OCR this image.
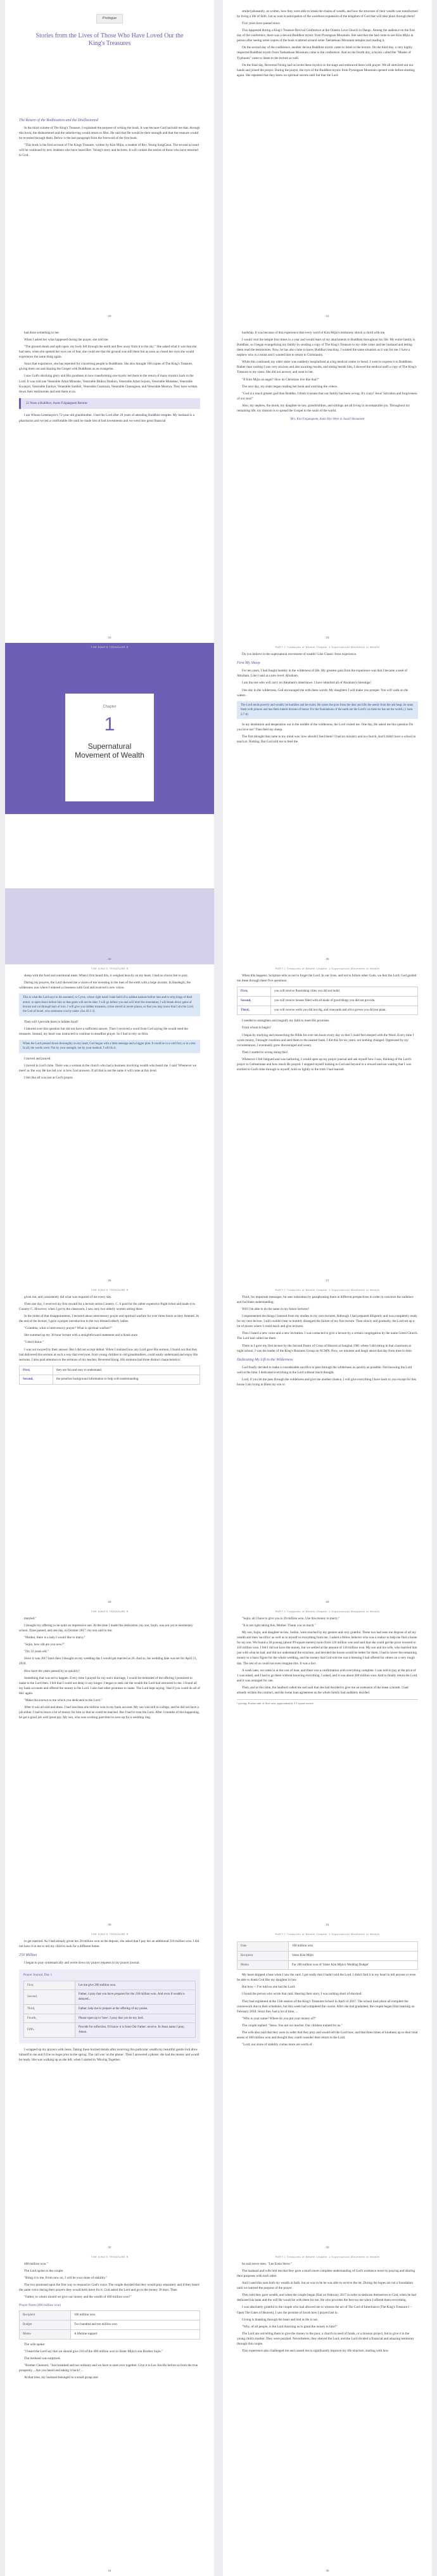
Prologue
Stories from the Lives of Those Who Have Loved Our the King's Treasures
The Return of the Bodhisattva and the Disillusioned

In the third volume of The King's Treasure, I explained the purpose of writing the book. It was because God had told me that, through this book, the disheartened and the unbelieving would return to Him. He said that He would be their strength and that the treasure would be revealed through them. Below is the last paragraph from the foreword of the first book.

"This book is the first account of The Kings Treasure, written by Kim Mijin, a student of Rev. Yeong SungGeun. The second account will be continued by new students who have heard Rev. Yeong's story and lectures. It will contain the stories of those who have returned to God.

20

smiled pleasantly, as written, how they were able to break the chains of wealth, and how the structure of their wealth was transformed by living a life of faith. Let us wait in anticipation of the wondrous expansion of the kingdom of God that will take place through them!

Five years have passed since.

This happened during a King's Treasure Revival Conference at the Ontario Love Church in Daegu. Among the audience on the first day of the conference, there was a devout Buddhist mystic from Pyeongsan Mountain. She said that she had come to see Kim Mijin in person after seeing some copies of the book scattered around some Taebaeksan Mountain temples and reading it.

On the second day of the conference, another devout Buddhist mystic came to listen to the lecture. On the third day, a very highly respected Buddhist mystic from Taebaeksan Mountain came to the conference. And on the fourth day, a mystic called the "Master of Typhoons" came to listen to the lecture as well.

On the final day, Reverend Yeong had us invite these mystics to the stage and embraced them with prayer. We all stretched out our hands and joined the prayer. During the prayer, the eyes of the Buddhist mystic from Pyeongsan Mountain opened wide before shutting again. She repented that they knew no spiritual secrets until but that the Lord

21

had done something to her.

When I asked her what happened during the prayer, she told me:

"The ground shook and split open; my body fell through the earth and flew away from it to the sky." She asked what it was that she had seen, when she opened her eyes out of fear, she could see that the ground was still there but as soon as closed her eyes she would experience the same thing again.

Since that experience, she has repented for converting people to Buddhism. She also brought 100 copies of The King's Treasure, giving them out and sharing the Gospel with Buddhists as an evangelist.

I saw God's shocking glory and His goodness in how transforming one mystic led them to the return of many mystics back to the Lord. It was told one Venerable Arhat Minsoko, Venerable Bhiksu Danhon, Venerable Arhat Sojoon, Venerable Muhahae, Venerable Kwanjol, Venerable Eunhye, Venerable Sambol, Venerable Gsutnoan, Venerable Cheongeon, and Venerable Mostwa. They have written down their testimonies and sent them to us.

22 Years a Buddhist, Aunts Folgangnam Returns

I am Whoon Leeemayee's 72-year-old grandmother. I met the Lord after 26 years of attending Buddhist temples. My husband is a pharmacist and we led a comfortable life until he made lots of bad investments and we went into great financial

22

hardship. It was because of this experience that every word of Kim Mijin's testimony struck a chord with me.

I would visit the temple four times in a year and would learn of my attachments to Buddhist throughout my life. My entire family is Buddhist, so I began evangelizing my family by sending a copy of The King's Treasure to my older sister and her husband and letting them read the testimonies. Now, he has also come to know Buddha's teaching. I wanted the same situation as it was for me. I have a nephew who is a monk and I wanted him to return to Christianity.

While this continued, my older sister was suddenly hospitalized at a big medical center in Seoul. I went to express it to Buddhists. Rather than waiting I was very anxious and also awaiting results, and sitting beside him, I showed the medical staff a copy of The King's Treasure to my sister. She did not answer, and went to her.

"If Kim Mijin an angel? How do Christians live like that?"

The next day, my sister began reading her book and watching the videos.

"God is a much greater god than Buddha. I think it means that our family has been wrong. It's crazy! Jesus' Salvation and forgiveness of our sins!"

Also, my nephew, the monk, my daughter-in-law, grandchildren, and siblings are all living in incomparable joy. Throughout my remaining life, my mission is to spread the Gospel to the souls of the world.

Mrs. Kim Folgangnam, Aunts Hyo Meet to Jassill Monument
23
THE KING'S TREASURE Ⅱ
Chapter
1
Supernatural Movement of Wealth
24
PART 1 Treasures of Wealth Chapter 1 Supernatural Movement of Wealth

Do you believe in the supernatural movement of wealth? Like Classic from experience.

First My Sheep

For ten years, I had fought humbly in the wilderness of life. My greatest gain from the experience was that I became a seed of Abraham. Like I said at a new level: Abraham.

I am the one who will carry on Abraham's inheritance. I have inherited all of Abraham's blessings!

One day in the wilderness, God encouraged me with these words: My daughters I will make you prosper. You will walk on the waters.

The Lord sends poverty and wealth; he humbles and he exalts. He raises the poor from the dust and lifts the needy from the ash heap; he seats them with princes and has them inherit thrones of honor. For the foundations of the earth are the Lord's; on them he has set the world. (1 Sam. 2:7-8)

In my destitution and desperation out in the middle of the wilderness, the Lord visited me. One day, He asked me this question Do you love me? Then feed my sheep.

The first thought that came to my mind was: how should I feed them? I had no ministry and no church. And I didn't have a school to teach at. Nothing. But God told me to feed the

25
THE KING'S TREASURE Ⅱ

sheep with the food and nutritional meat. When I first heard this, it weighed heavily on my heart. I had no choice but to pray.

During my prayers, the Lord showed me a vision of me investing in the men of the earth with a large income. In Hasdeglir, the wilderness was where I entered a closeness with God and received a new vision.

This is what the Lord says to his anointed, to Cyrus, whose right hand I take hold of to subdue nations before him and to strip kings of their armor, to open doors before him so that gates will not be shut: I will go before you and will level the mountains; I will break down gates of bronze and cut through bars of iron. I will give you hidden treasures, riches stored in secret places, so that you may know that I am the Lord, the God of Israel, who summons you by name. (Isa 45:1-3)

Then will I provide them in hidden food?

I labored over this question but did not have a sufficient answer. Then I received a word from God saying He would send the treasures. Instead, my heart was instructed to continue in steadfast prayer. So I had to rely on Him.

When the Lord pressed down thoroughly on my heart, God began with a little message and a bigger plan. It could be in a cold fact, or in a test. In all, the words were: Not by your strength, not by your method. I will do it.

I moved and prayed.

I moved in God's time. There was a woman in the church who had a business involving wealth who heard me. I said 'Whenever we meet' as 'the way He has led you' is how God answers. If all that is not the same it will come at this level.

I felt like all was lost at God's prayer.

26
PART 1 Treasures of Wealth Chapter 1 Supernatural Movement of Wealth

When this happens, Scripture tells us not to forget the Lord. In our lives, and not to follow other Gods, we fear the Lord. God guided me these through these five questions:

First,	you will receive flourishing cities you did not build.
Second,	you will receive houses filled with all kinds of good things you did not provide.
Third,	you will receive wells you did not dig, and vineyards and olive groves you did not plant.

I needed to strengthen and magnify my faith to meet His promises.

From whom to begin?

I began by studying and researching the Bible for over ten hours every day so that I could feel steeped with the Word. Every time I wrote money, I brought creations and sent them to the nearest bank. I did this for six years, not nothing changed. Oppressed by my circumstances, I eventually grew discouraged and weary.

Then I started to wrong doing this!

Whenever I felt fatigued and was harboring, I would open up my prayer journal and ask myself how I saw, thinking of the Lord's prayer to Gethsemane and how much He prayed. I stopped myself looking to God and beyond to a reward and not waiting that I was entitled to God's time through to myself; hold on lightly to the truth I had learned.

27
THE KING'S TREASURE Ⅱ

given me, and consistently did what was required of me every day.

Then one day, I received my first reward for a lecture series Country. C. S paid for the rather expensive flight ticket and made it to Country C. However, when I got to the classroom, I saw only two elderly women sitting there.

In the midst of that disappointment, I lectured about intercessory prayer and spiritual warfare for over three hours as they listened. At the end of the lecture, I gave a proper introduction to the two blessed elderly ladies.

"Grandma, what is intercessory prayer? What is spiritual warfare?"

She summed up my 30-hour lecture with a straightforward statement and a blank stare.

"I don't know."

I was not swayed by their answer. But I did not accept defeat. When I realized how any Lord gave His sermon, I found out that they had delivered this sermon at such a way that everyone, from young children to old grandmothers, could easily understand and enjoy His sermons. I also paid attention to the sermons of my teacher, Reverend Hong. His sermons had three distinct characteristics:

First,	they are fun and easy to understand.
Second,	the preaches background information to help with understanding.
28
PART 1 Treasures of Wealth Chapter 1 Supernatural Movement of Wealth

Third, for important messages, he uses reiteration by paraphrasing them in different perspectives in order to convince the audience and facilitate understanding.

Will I be able to do the same in my future lectures?

I implemented the things I learned from my studies to my own lectures. Although I had prepared diligently and was completely ready for my next lecture, I still couldn't bear to humbly disregard the failure of my first lecture. Then slowly and gradually, the Lord set up a lot of places where I could teach and give lectures.

Then I heard a new voice and a new invitation. I was contacted to give a lecture by a certain congregation by the name Green Church. The Lord had called me there.

There in I gave my first lecture by the Second Pastor of Cross of Heaven at Sungbai 1981 where I did sitting in that classroom at night school, I was the leader of the King's Business Group on NCMN. Now, we minister and laugh about that day from time to time.

Dedicating My Lift to the Wilderness

God finally decided to make a considerable sacrifice to pass through the wilderness as quickly as possible. Not knowing the Lord well at the time, I dedicated everything to the Lord without much thought.

Lord, if you let me pass through the wilderness and give me another chance, I will give everything I have back to you except for this house I am living in Bless my son to

29
THE KING'S TREASURE Ⅱ

married."

I thought my offering to be quite an impressive one. At the time I made this dedication, my son, Sujin, was not yet in elementary school. Time passed, and one day, in October 2017, my son said to me:

"Mother, there is a lady I would like to marry."

"Sujin, how old are you now?"

"I'm 33 years old."

Since it was 2017 back then I thought on my wedding day I would get married at 26. And so, his wedding date was set for April 21, 2018.

How have the years passed by so quickly?

Something that was set to happen. Every time I prayed for my son's marriage, I would be reminded of the offering I promised to make to the Lord then. I felt that I could not delay it any longer. I began to seek out the wealth the Lord had entrusted to me. I found all my bank accounts and offered the money to the Lord. I also had other promises to make. The Lord kept saying: 'that if you could do all of this' again.

"Make this known to me which you dedicated to the Lord."

After it was all said and done, I had less than one million won in my bank account. My son was still in college, and he did not have a job either. I had to leave a lot of money for him so that he could be married. But I had to trust the Lord. After 3 months of this happening, he got a good job with great pay. My son, who was working part-time to save up for a wedding ring.

30
PART 1 Treasures of Wealth Chapter 1 Supernatural Movement of Wealth

"Sujin, all I have to give you is 20 million won. Use this money to marry."

"It is not right taking this, Mother. Thank you so much."

My son, Sujin, and daughter-in-law, Sothin, were touched by my gesture and very grateful. These two had seen me dispose of all my wealth and then 'sacrifice' as well as to myself to everything from me. I asked a fellow believer who was a realtor to help me find a home for my son. We found a 30 pyeong (about 99 square meters) room from 120 million won and said that she could get the price lowered to 118 million won. I felt I did not have the money, but we settled at the amount of 118 million won. My son and his wife, who married him just with what he had, and did not understand the structure, and decided the house would be better for them. I had to lower the remaining money to a basic figure for the whole wedding, and the money that God told me was a blessing I had offered for others on a very rough day. The rest of us could not even imagine this. It was a fact.

A week later, we came in at the cost of loan, and there was a confirmation with everything complete. I was told to pay at the price of 1 was asked, and I had to go there without knowing everything. I asked, and it was about 200 million won. And to finally return the Lord, and it was arranged for one.

Then, and at this time, the landlord called me and said that she had decided to give me an extension of the lease a month. I had already written the contract, and the home loan agreement as the whole family had suddenly decided.

¹ pyeong: Korean unit of floor area, approximately 3.3 square meters
31
THE KING'S TREASURE Ⅱ

to get married. As I had already given her 20 million won as the deposit, she asked that I pay her an additional 218 million won. I did not have it in me to tell my child to look for a different home.

250 Million

I began to pray systematically and wrote down my prayer requests in my prayer journal.

Prayer Journal, Day 1
First,	Let me give 200 million won.
Second,	Father, I pray that you have prepared for the 218 million won. And even if wealth is delayed...
Third,	Father, help me to prepare at the offering of my praise.
Fourth,	Please open up to 'here'. I pray that you be my lord.
Fifth,	Provide for reflection. I'll know it is from Our Father: receive. In Jesus name I pray, Amen.

I wrapped up my prayers with Jesus. Taking these hurried details after receiving this particular wealth my beautiful gentle lord drew himself to me and I'd be no hope prior to the spring. The call was 'on the phone'. Then I answered a phone: she had the money and would be ready. She was walking up as she left, when I started to 'Moving Together.

32
PART 1 Treasures of Wealth Chapter 1 Supernatural Movement of Wealth
Date	100 million won
Recipient	Sister Kim Mijin
Memo	For 200 million won of 'Sister Kim Mijin's Wedding Budget'

My heart skipped a beat when I saw the card. I got really that I hadn't told the Lord. I didn't find it in my heart to tell anyone or even be able to thank God like my daughter in law.

But how -- I've told no one but the Lord.

I found the person who wrote that card. Hearing their story, I was nothing short of shocked.

They had registered at the 15th session of the King's Treasures School in April of 2017. The school took place all complete the coursework due to their schedules, but this week had completed the course. After she had graduated, the couple began filial learning on February 2018. Since they had a lot of time, ...

"Who is your name? Where do you put your money of?"

The couple replied: "Jesus. You are our teacher. Our children trained for us."

The wife also said that they were in order that they pray and would tell the Lord how, and that three times of kindness up to their total assets of 400 million won and thought they could consider their return to the Lord.

"Lord, our stone of stability comes more are worth of

33
THE KING'S TREASURE Ⅱ

400 million won."

The Lord spoke to the couple:

"Bring it to me. From now on, I will be your stone of stability."

The two promised upon the first way to respond to God's voice. The couple decided that they would pray separately and if they heard the same voice during their prayers they would both leave for it. God asked the Lord and go to the money 30 days. Then

"Father, to whom should we give our money and the wealth of 400 million won?"

Prayer Notes (400 million won)
Recipient	100 million won
Budget	Two hundred and ten million won
Memo	A lifetime support

The wife spoke:

"I heard the Lord say that we should give 210 of the 400 million won to Sister Mijin's son Brother Sujin."

The husband was surprised.

"Brother Cheonrei, "Just breathed and nor ordinary and we have to start over together. Give it to Lee Jun-Ho before us from the true prosperity ...Are you heard and taking it back? ...

At that time, my husband belonged to a small group and

34
PART 1 Treasures of Wealth Chapter 1 Supernatural Movement of Wealth

he said never seen. "Lee Ernie Steve."

The husband and wife told me that they gave a much more complete understanding of God's existence more by praying and sharing their purposes with each other.

And I used this sum both my wealth in faith, but so was to be he was able to receive the lot. During the hopes are not a foundation until we learned the purpose of the prayer.

They told they gave wealth, and when the couple began filial on February 2017 in order to dedicate themselves to God, when he had dedicated his bank and the will He would be with them for me, He who provides the feet too me when I offered them everything.

I was absolutely grateful to the couple who had allowed me to witness the act of The God of Inheritance (The King's Treasure I – Open The Gates of Heaven), I saw the promise of Jacob how I prayed last to.

Giving is thanking through the heart and tied as He is not.

"Why, of all people, is the Lord directing us to grant the money to him?"

The Lord are not telling them to give the money to the poor, a church in need of funds, or a mission project, but to give it to the young child's mother. They were puzzled. Nevertheless, they obeyed the Lord, and the Lord divided a financial and amazing testimony through this couple.

This experience also challenged me and caused me to significantly improve my life structure, starting with how

35
